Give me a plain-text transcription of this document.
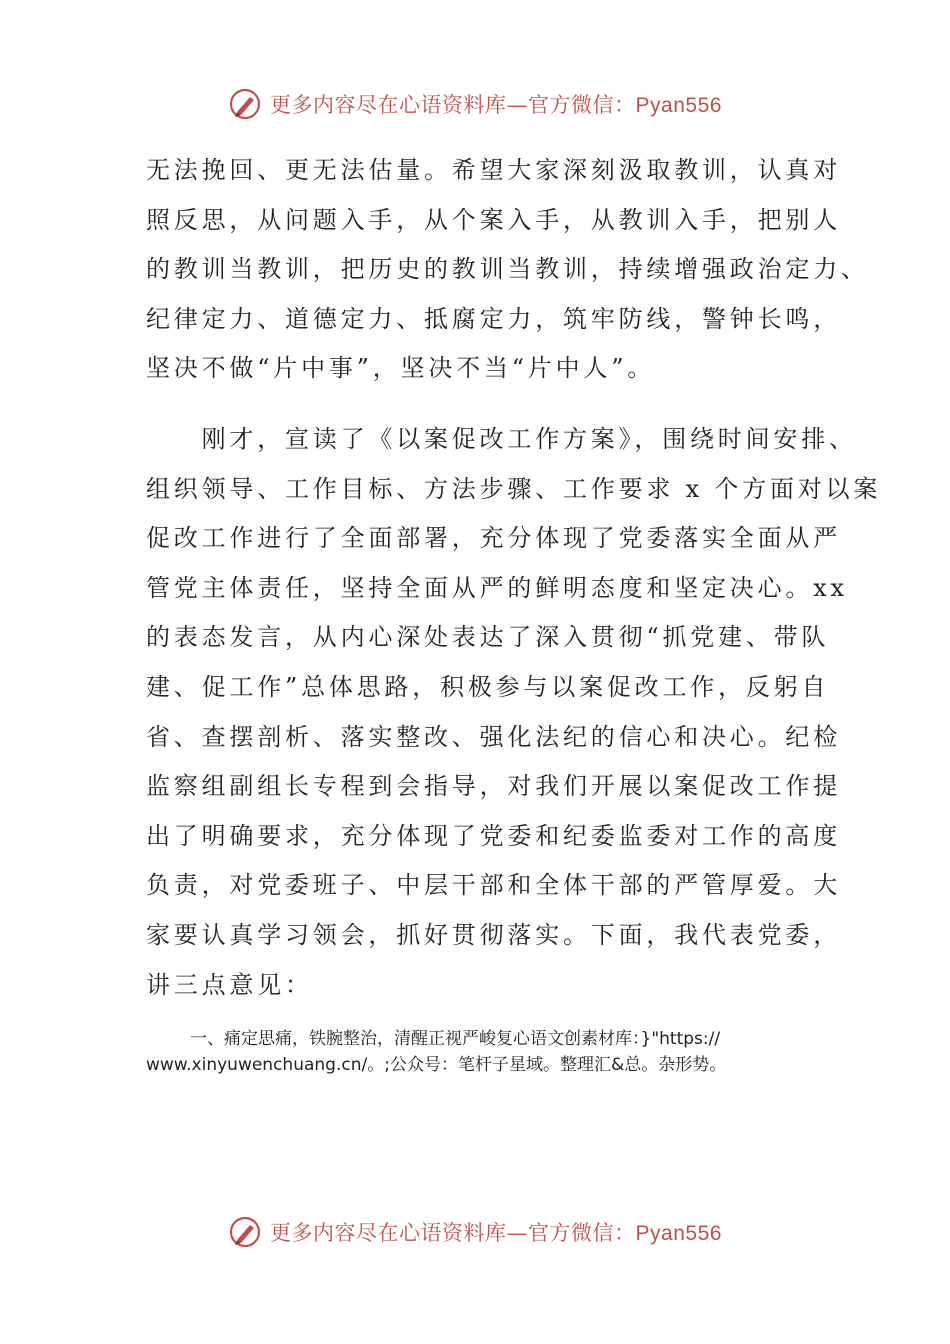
更多内容尽在心语资料库—官方微信：Pyan556
无法挽回、更无法估量。希望大家深刻汲取教训，认真对
照反思，从问题入手，从个案入手，从教训入手，把别人
的教训当教训，把历史的教训当教训，持续增强政治定力、
纪律定力、道德定力、抵腐定力，筑牢防线，警钟长鸣，
坚决不做“片中事”，坚决不当“片中人”。
　　刚才，宣读了《以案促改工作方案》，围绕时间安排、
组织领导、工作目标、方法步骤、工作要求 x 个方面对以案
促改工作进行了全面部署，充分体现了党委落实全面从严
管党主体责任，坚持全面从严的鲜明态度和坚定决心。xx
的表态发言，从内心深处表达了深入贯彻“抓党建、带队
建、促工作”总体思路，积极参与以案促改工作，反躬自
省、查摆剖析、落实整改、强化法纪的信心和决心。纪检
监察组副组长专程到会指导，对我们开展以案促改工作提
出了明确要求，充分体现了党委和纪委监委对工作的高度
负责，对党委班子、中层干部和全体干部的严管厚爱。大
家要认真学习领会，抓好贯彻落实。下面，我代表党委，
讲三点意见：
一、痛定思痛，铁腕整治，清醒正视严峻复心语文创素材库：}"https://
www.xinyuwenchuang.cn/。;公众号：笔杆子星域。整理汇&总。杂形势。
更多内容尽在心语资料库—官方微信：Pyan556
